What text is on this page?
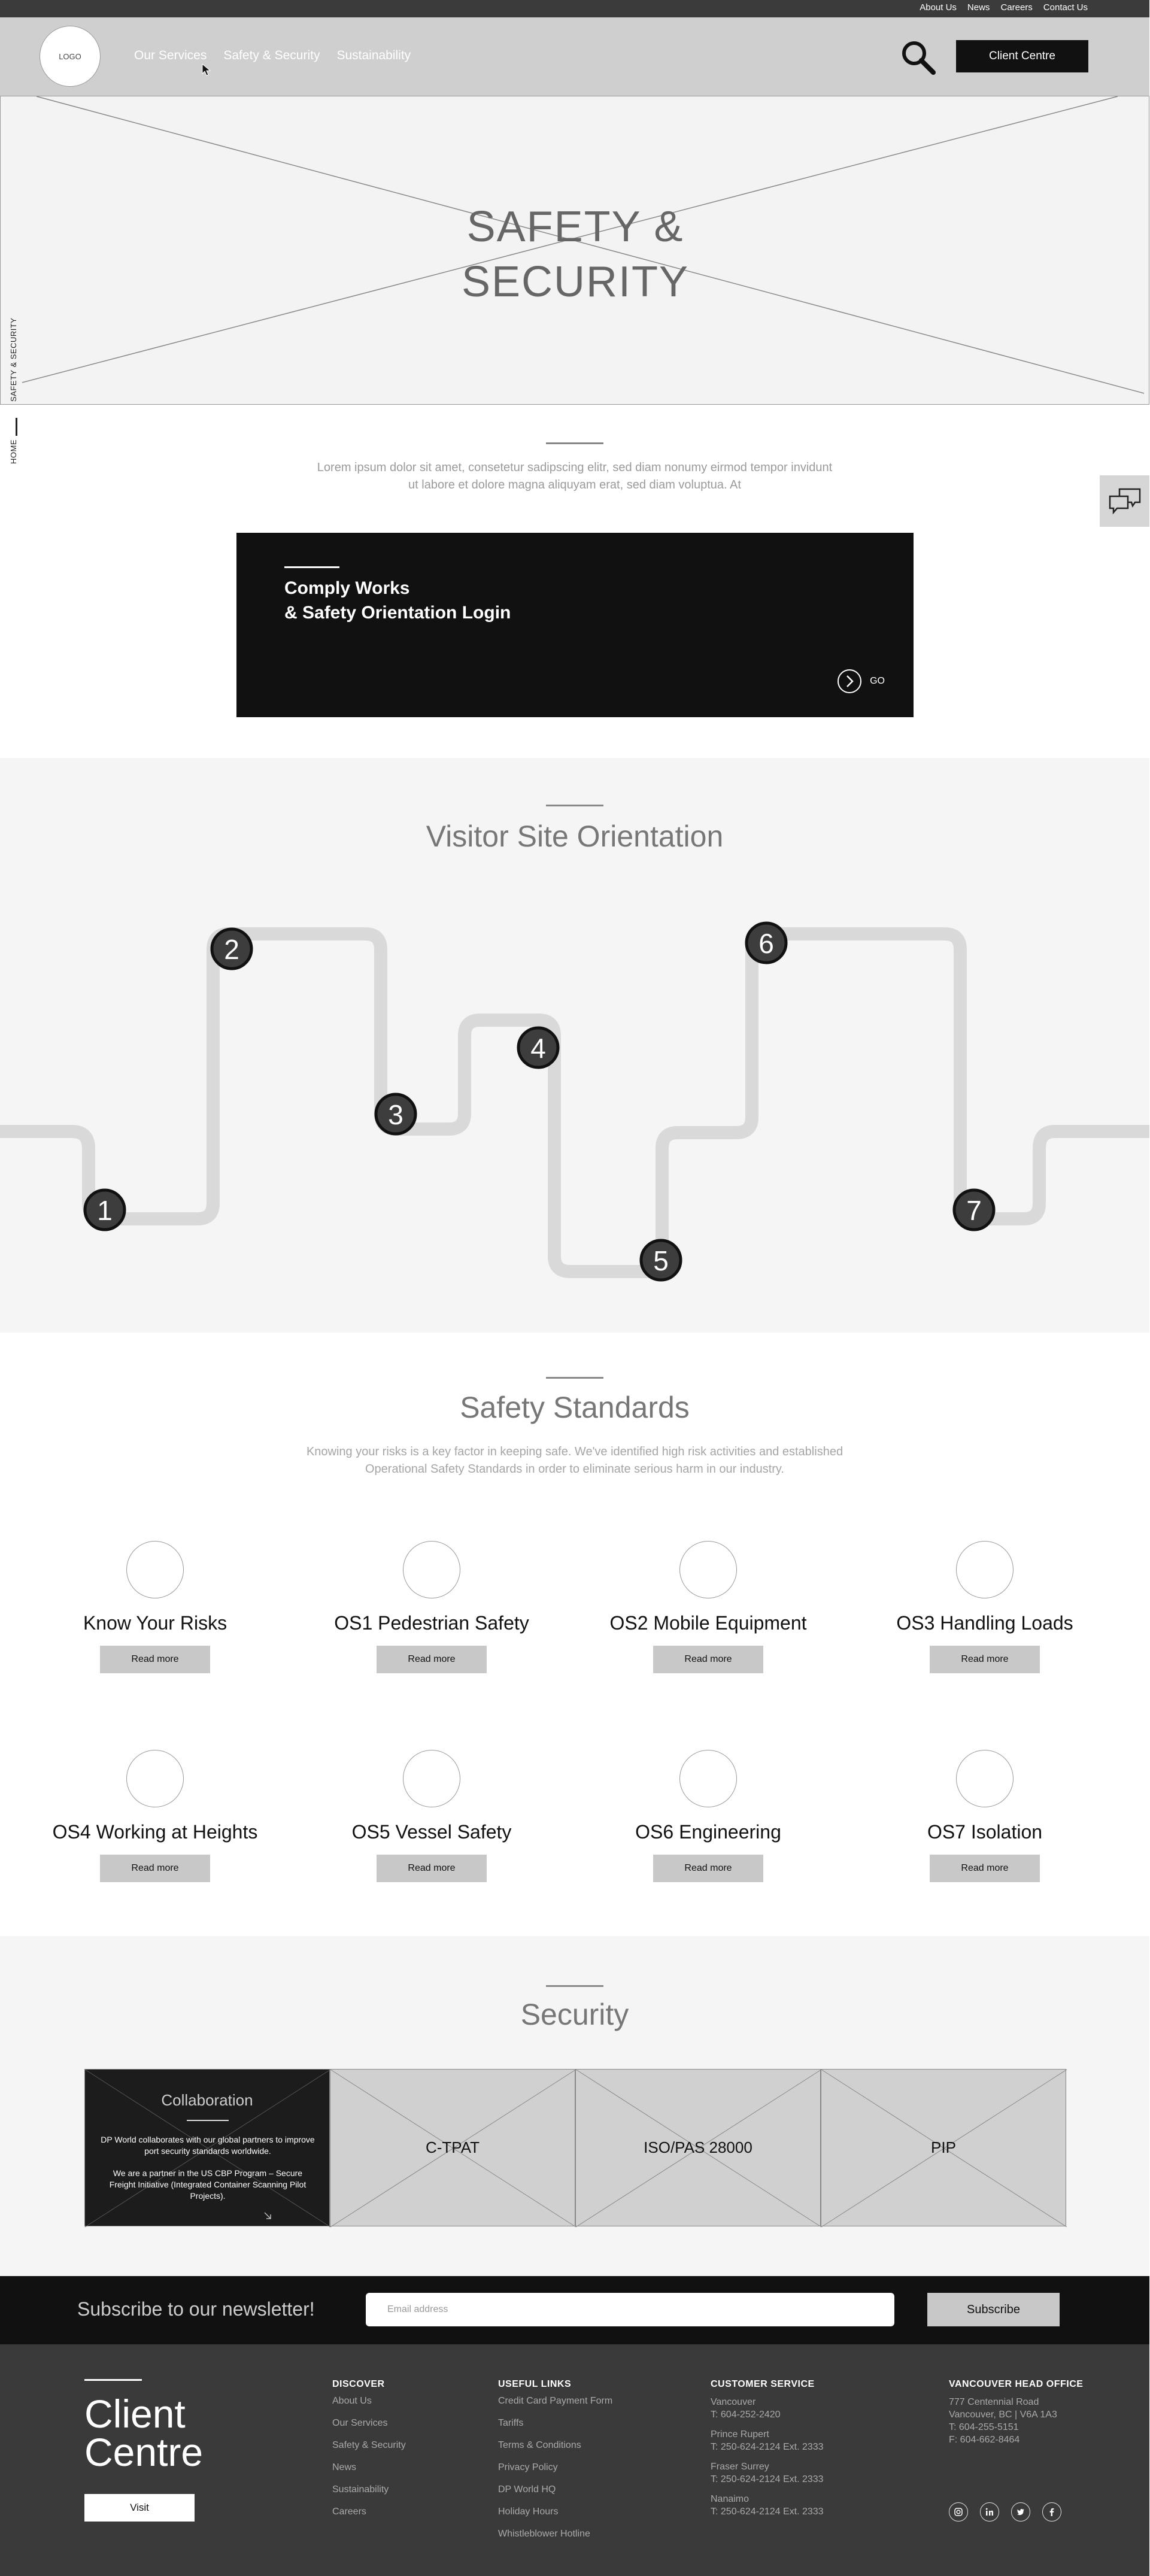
About Us News Careers Contact Us
LOGO	Our Services Safety & Security Sustainability	Client Centre
SAFETY &
SECURITY
HOME
SAFETY & SECURITY
Lorem ipsum dolor sit amet, consetetur sadipscing elitr, sed diam nonumy eirmod tempor invidunt ut labore et dolore magna aliquyam erat, sed diam voluptua. At
Comply Works
& Safety Orientation Login
GO
Visitor Site Orientation
1
2
3
4
5
6
7
Safety Standards
Knowing your risks is a key factor in keeping safe. We've identified high risk activities and established Operational Safety Standards in order to eliminate serious harm in our industry.
Know Your Risks
Read more
OS1 Pedestrian Safety
Read more
OS2 Mobile Equipment
Read more
OS3 Handling Loads
Read more
OS4 Working at Heights
Read more
OS5 Vessel Safety
Read more
OS6 Engineering
Read more
OS7 Isolation
Read more
Security
Collaboration
DP World collaborates with our global partners to improve port security standards worldwide.
We are a partner in the US CBP Program – Secure Freight Initiative (Integrated Container Scanning Pilot Projects).
C-TPAT	ISO/PAS 28000	PIP
Subscribe to our newsletter!
Email address	Subscribe
Client
Centre
Visit
DISCOVER
About Us
Our Services
Safety & Security
News
Sustainability
Careers
USEFUL LINKS
Credit Card Payment Form
Tariffs
Terms & Conditions
Privacy Policy
DP World HQ
Holiday Hours
Whistleblower Hotline
CUSTOMER SERVICE
Vancouver
T: 604-252-2420
Prince Rupert
T: 250-624-2124 Ext. 2333
Fraser Surrey
T: 250-624-2124 Ext. 2333
Nanaimo
T: 250-624-2124 Ext. 2333
VANCOUVER HEAD OFFICE
777 Centennial Road
Vancouver, BC | V6A 1A3
T: 604-255-5151
F: 604-662-8464
